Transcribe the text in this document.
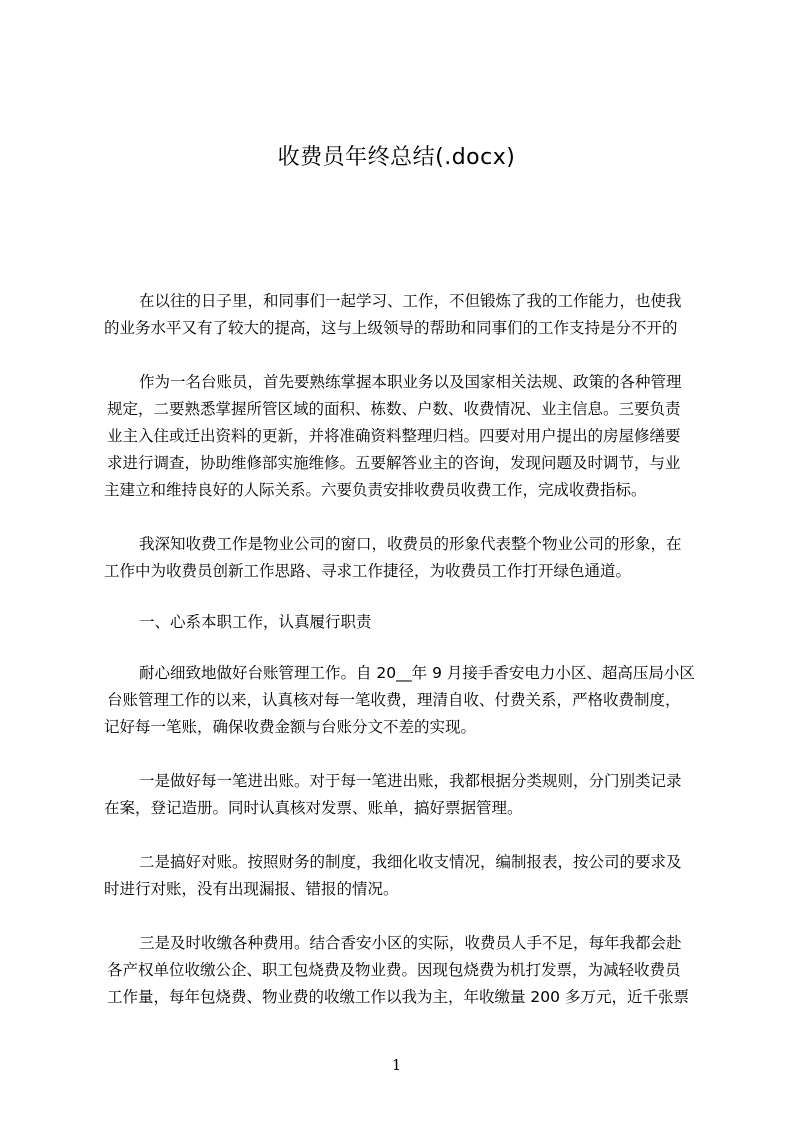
收费员年终总结(.docx)
在以往的日子里，和同事们一起学习、工作，不但锻炼了我的工作能力，也使我
的业务水平又有了较大的提高，这与上级领导的帮助和同事们的工作支持是分不开的
作为一名台账员，首先要熟练掌握本职业务以及国家相关法规、政策的各种管理
规定，二要熟悉掌握所管区域的面积、栋数、户数、收费情况、业主信息。三要负责
业主入住或迁出资料的更新，并将准确资料整理归档。四要对用户提出的房屋修缮要
求进行调查，协助维修部实施维修。五要解答业主的咨询，发现问题及时调节，与业
主建立和维持良好的人际关系。六要负责安排收费员收费工作，完成收费指标。
我深知收费工作是物业公司的窗口，收费员的形象代表整个物业公司的形象，在
工作中为收费员创新工作思路、寻求工作捷径，为收费员工作打开绿色通道。
一、心系本职工作，认真履行职责
耐心细致地做好台账管理工作。自 20__年 9 月接手香安电力小区、超高压局小区
台账管理工作的以来，认真核对每一笔收费，理清自收、付费关系，严格收费制度，
记好每一笔账，确保收费金额与台账分文不差的实现。
一是做好每一笔进出账。对于每一笔进出账，我都根据分类规则，分门别类记录
在案，登记造册。同时认真核对发票、账单，搞好票据管理。
二是搞好对账。按照财务的制度，我细化收支情况，编制报表，按公司的要求及
时进行对账，没有出现漏报、错报的情况。
三是及时收缴各种费用。结合香安小区的实际，收费员人手不足，每年我都会赴
各产权单位收缴公企、职工包烧费及物业费。因现包烧费为机打发票，为减轻收费员
工作量，每年包烧费、物业费的收缴工作以我为主，年收缴量 200 多万元，近千张票
1
